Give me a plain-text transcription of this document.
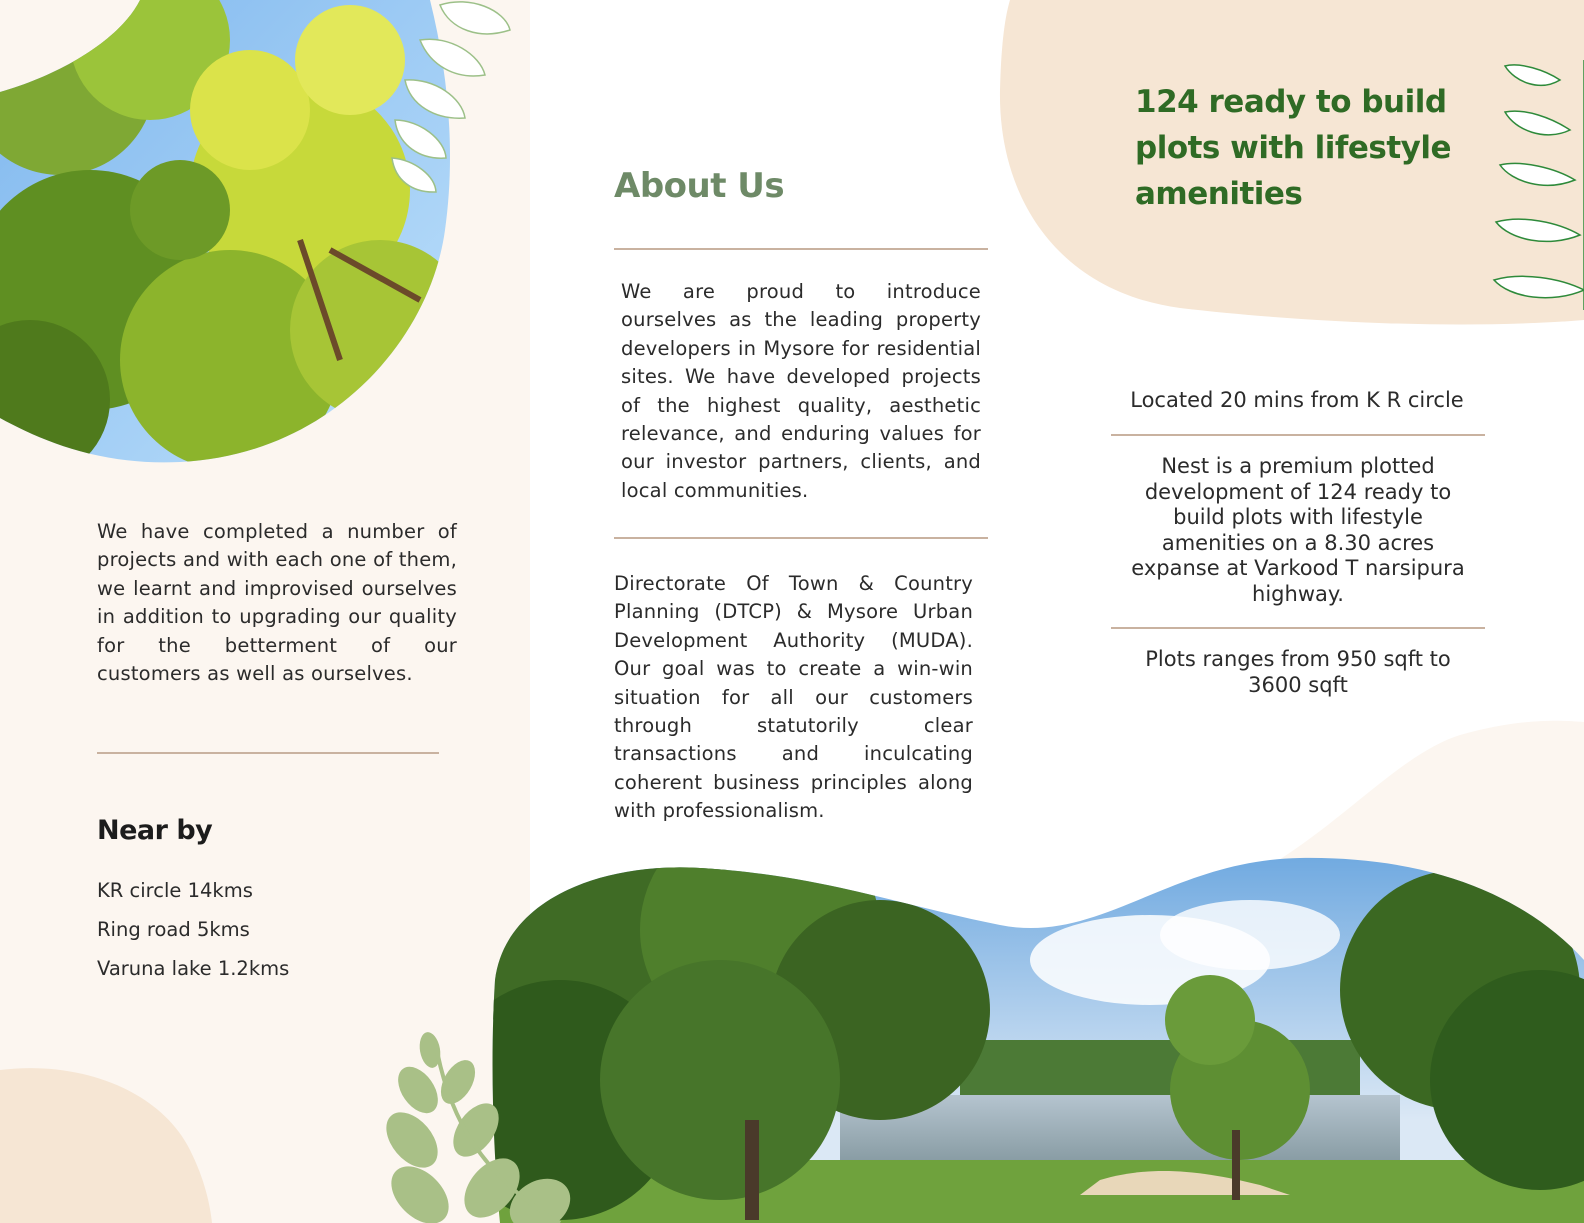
We have completed a number of projects and with each one of them, we learnt and improvised ourselves in addition to upgrading our quality for the betterment of our customers as well as ourselves.
Near by
KR circle 14kms
Ring road 5kms
Varuna lake 1.2kms
About Us
We are proud to introduce ourselves as the leading property developers in Mysore for residential sites. We have developed projects of the highest quality, aesthetic relevance, and enduring values for our investor partners, clients, and local communities.
Directorate Of Town & Country Planning (DTCP) & Mysore Urban Development Authority (MUDA). Our goal was to create a win-win situation for all our customers through statutorily clear transactions and inculcating coherent business principles along with professionalism.
124 ready to build plots with lifestyle amenities
Located 20 mins from K R circle
Nest is a premium plotted development of 124 ready to build plots with lifestyle amenities on a 8.30 acres expanse at Varkood T narsipura highway.
Plots ranges from 950 sqft to 3600 sqft
